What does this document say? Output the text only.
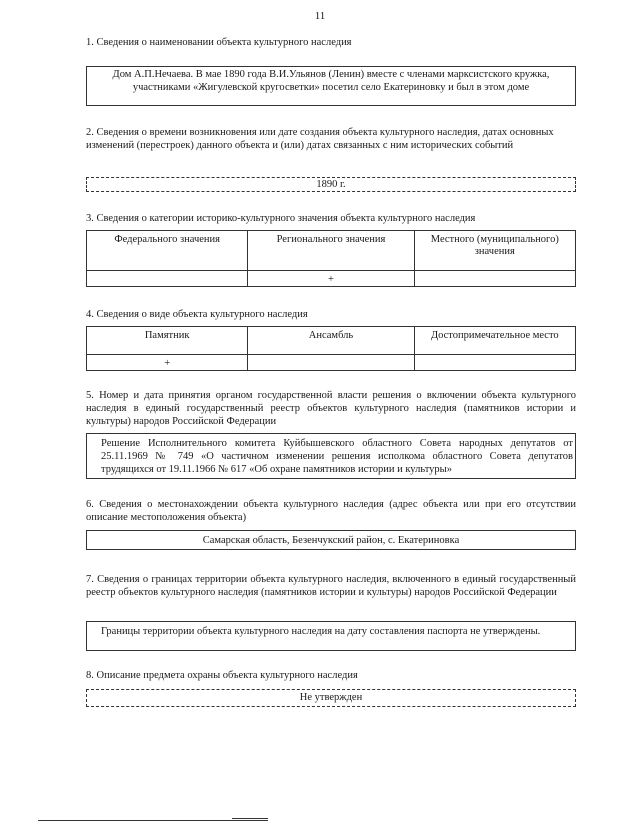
11
1. Сведения о наименовании объекта культурного наследия
Дом А.П.Нечаева. В мае 1890 года В.И.Ульянов (Ленин) вместе с членами марксистского кружка, участниками «Жигулевской кругосветки» посетил село Екатериновку и был в этом доме
2. Сведения о времени возникновения или дате создания объекта культурного наследия, датах основных изменений (перестроек) данного объекта и (или) датах связанных с ним исторических событий
1890 г.
3. Сведения о категории историко-культурного значения объекта культурного наследия
Федерального значения	Регионального значения	Местного (муниципального) значения
	+	
4. Сведения о виде объекта культурного наследия
Памятник	Ансамбль	Достопримечательное место
+		
5. Номер и дата принятия органом государственной власти решения о включении объекта культурного наследия в единый государственный реестр объектов культурного наследия (памятников истории и культуры) народов Российской Федерации
Решение Исполнительного комитета Куйбышевского областного Совета народных депутатов от 25.11.1969 № 749 «О частичном изменении решения исполкома областного Совета депутатов трудящихся от 19.11.1966 № 617 «Об охране памятников истории и культуры»
6. Сведения о местонахождении объекта культурного наследия (адрес объекта или при его отсутствии описание местоположения объекта)
Самарская область, Безенчукский район, с. Екатериновка
7. Сведения о границах территории объекта культурного наследия, включенного в единый государственный реестр объектов культурного наследия (памятников истории и культуры) народов Российской Федерации
Границы территории объекта культурного наследия на дату составления паспорта не утверждены.
8. Описание предмета охраны объекта культурного наследия
Не утвержден
